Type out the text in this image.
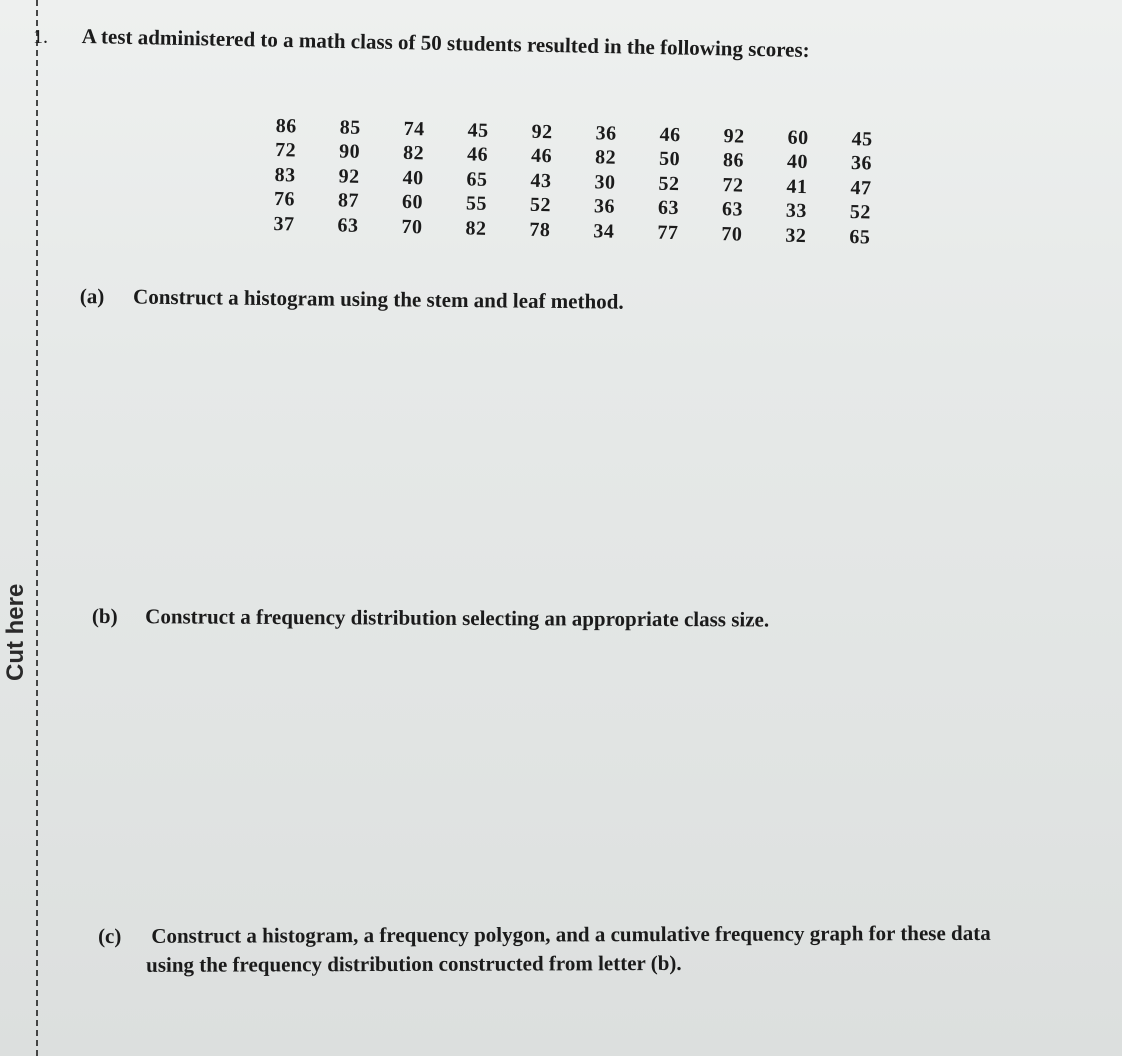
Cut here
1. A test administered to a math class of 50 students resulted in the following scores:
86	85	74	45	92	36	46	92	60	45
72	90	82	46	46	82	50	86	40	36
83	92	40	65	43	30	52	72	41	47
76	87	60	55	52	36	63	63	33	52
37	63	70	82	78	34	77	70	32	65
(a) Construct a histogram using the stem and leaf method.
(b) Construct a frequency distribution selecting an appropriate class size.
(c) Construct a histogram, a frequency polygon, and a cumulative frequency graph for these data
using the frequency distribution constructed from letter (b).
